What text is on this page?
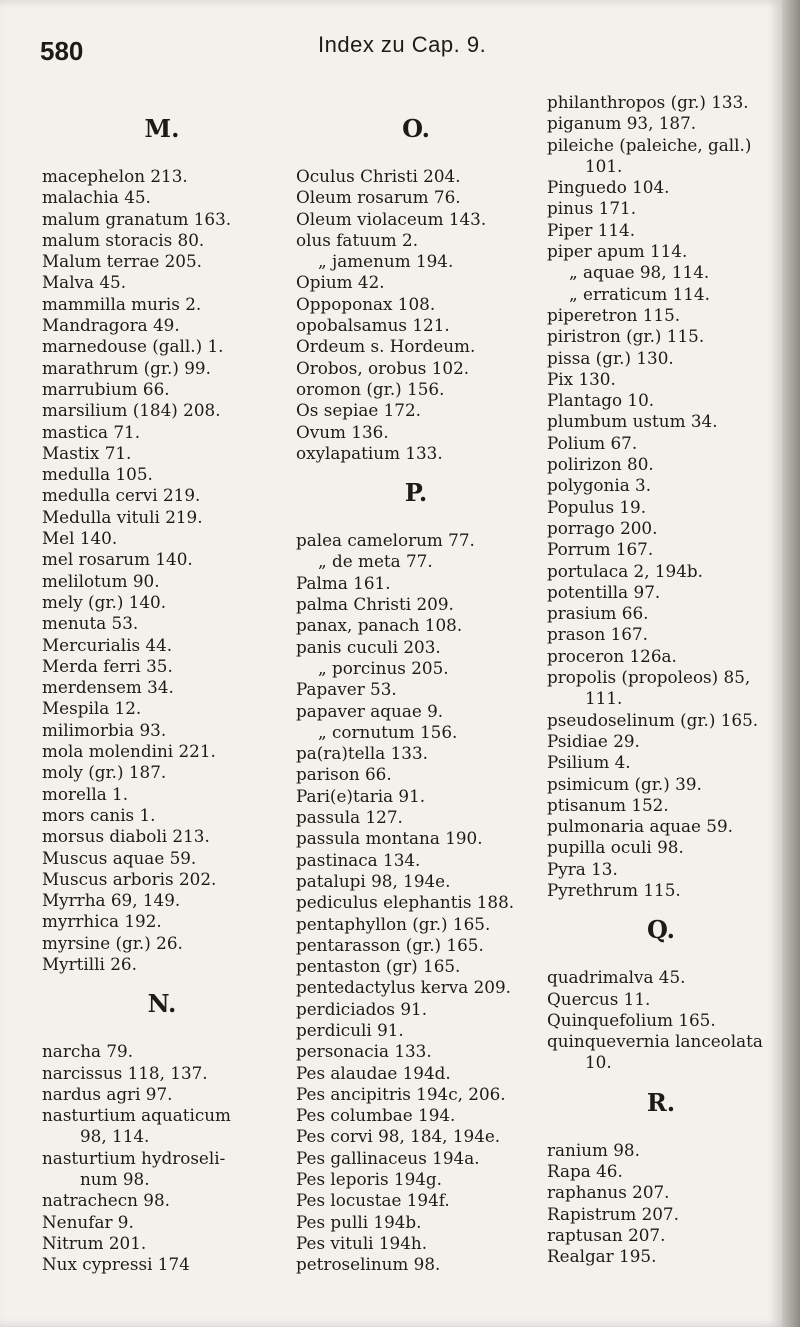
580	Index zu Cap. 9.
M.
macephelon 213.
malachia 45.
malum granatum 163.
malum storacis 80.
Malum terrae 205.
Malva 45.
mammilla muris 2.
Mandragora 49.
marnedouse (gall.) 1.
marathrum (gr.) 99.
marrubium 66.
marsilium (184) 208.
mastica 71.
Mastix 71.
medulla 105.
medulla cervi 219.
Medulla vituli 219.
Mel 140.
mel rosarum 140.
melilotum 90.
mely (gr.) 140.
menuta 53.
Mercurialis 44.
Merda ferri 35.
merdensem 34.
Mespila 12.
milimorbia 93.
mola molendini 221.
moly (gr.) 187.
morella 1.
mors canis 1.
morsus diaboli 213.
Muscus aquae 59.
Muscus arboris 202.
Myrrha 69, 149.
myrrhica 192.
myrsine (gr.) 26.
Myrtilli 26.
N.
narcha 79.
narcissus 118, 137.
nardus agri 97.
nasturtium aquaticum
98, 114.
nasturtium hydroseli-
num 98.
natrachecn 98.
Nenufar 9.
Nitrum 201.
Nux cypressi 174
O.
Oculus Christi 204.
Oleum rosarum 76.
Oleum violaceum 143.
olus fatuum 2.
„ jamenum 194.
Opium 42.
Oppoponax 108.
opobalsamus 121.
Ordeum s. Hordeum.
Orobos, orobus 102.
oromon (gr.) 156.
Os sepiae 172.
Ovum 136.
oxylapatium 133.
P.
palea camelorum 77.
„ de meta 77.
Palma 161.
palma Christi 209.
panax, panach 108.
panis cuculi 203.
„ porcinus 205.
Papaver 53.
papaver aquae 9.
„ cornutum 156.
pa(ra)tella 133.
parison 66.
Pari(e)taria 91.
passula 127.
passula montana 190.
pastinaca 134.
patalupi 98, 194e.
pediculus elephantis 188.
pentaphyllon (gr.) 165.
pentarasson (gr.) 165.
pentaston (gr) 165.
pentedactylus kerva 209.
perdiciados 91.
perdiculi 91.
personacia 133.
Pes alaudae 194d.
Pes ancipitris 194c, 206.
Pes columbae 194.
Pes corvi 98, 184, 194e.
Pes gallinaceus 194a.
Pes leporis 194g.
Pes locustae 194f.
Pes pulli 194b.
Pes vituli 194h.
petroselinum 98.
philanthropos (gr.) 133.
piganum 93, 187.
pileiche (paleiche, gall.)
101.
Pinguedo 104.
pinus 171.
Piper 114.
piper apum 114.
„ aquae 98, 114.
„ erraticum 114.
piperetron 115.
piristron (gr.) 115.
pissa (gr.) 130.
Pix 130.
Plantago 10.
plumbum ustum 34.
Polium 67.
polirizon 80.
polygonia 3.
Populus 19.
porrago 200.
Porrum 167.
portulaca 2, 194b.
potentilla 97.
prasium 66.
prason 167.
proceron 126a.
propolis (propoleos) 85,
111.
pseudoselinum (gr.) 165.
Psidiae 29.
Psilium 4.
psimicum (gr.) 39.
ptisanum 152.
pulmonaria aquae 59.
pupilla oculi 98.
Pyra 13.
Pyrethrum 115.
Q.
quadrimalva 45.
Quercus 11.
Quinquefolium 165.
quinquevernia lanceolata
10.
R.
ranium 98.
Rapa 46.
raphanus 207.
Rapistrum 207.
raptusan 207.
Realgar 195.
